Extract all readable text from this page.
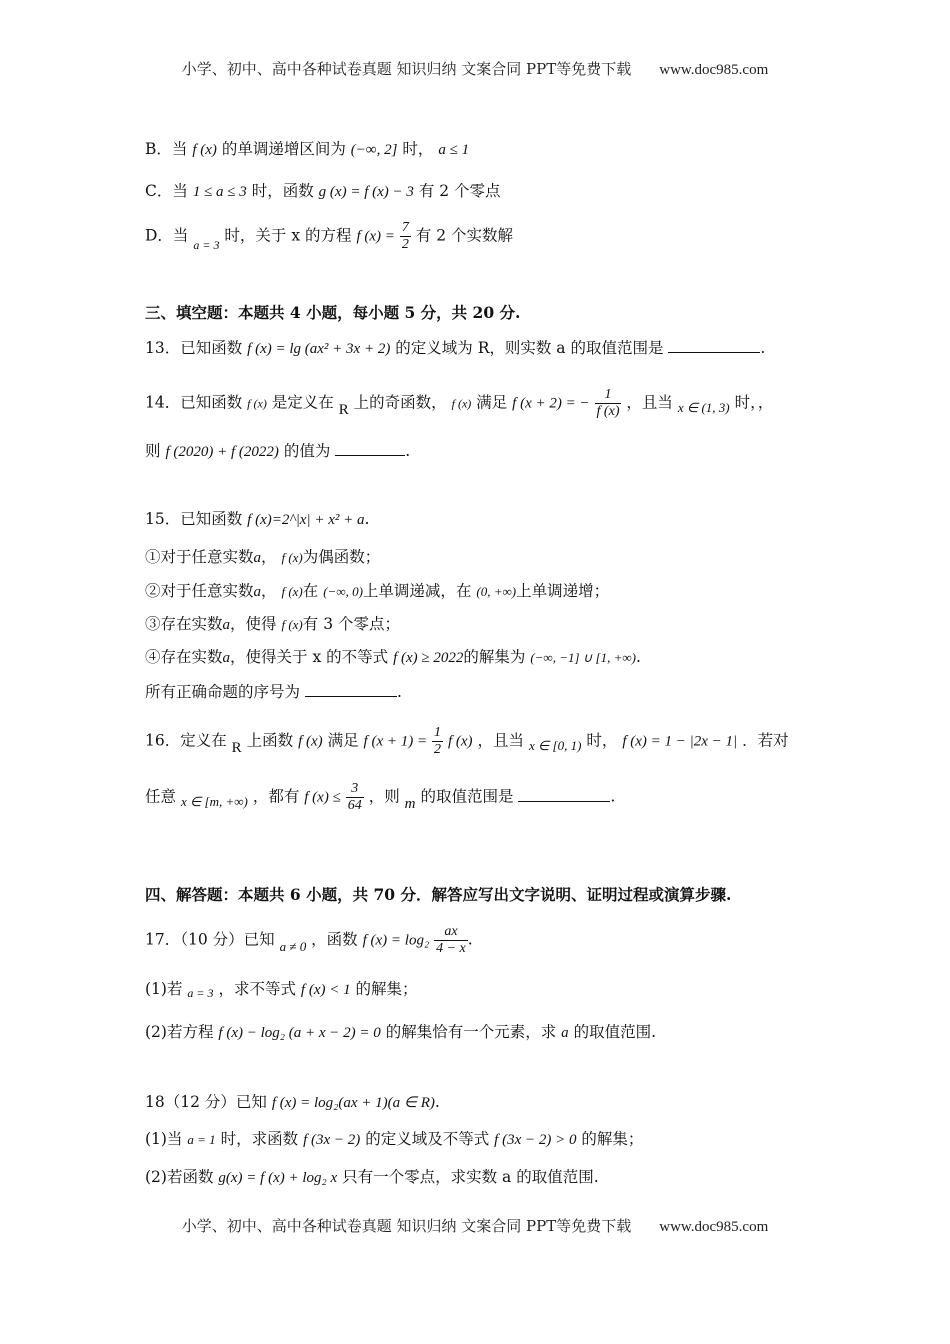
小学、初中、高中各种试卷真题 知识归纳 文案合同 PPT等免费下载 www.doc985.com
B．当 f (x) 的单调递增区间为 (−∞, 2] 时， a ≤ 1
C．当 1 ≤ a ≤ 3 时，函数 g (x) = f (x) − 3 有 2 个零点
D．当 $_{a = 3}$ 时，关于 x 的方程 f $(x) = \frac{7}{2}$ 有 2 个实数解
三、填空题：本题共 4 小题，每小题 5 分，共 20 分.
13．已知函数 f (x) = lg (ax² + 3x + 2) 的定义域为 R，则实数 a 的取值范围是	.
14．已知函数 f (x) 是定义在 R 上的奇函数， f (x) 满足 f (x + 2) = − $\frac{1}{f (x)}$ ，且当 $_{x \in (1, 3)}$ 时，，
则 f (2020) + f (2022) 的值为	.
15．已知函数 f (x)=2^|x| + x² + a.
①对于任意实数a， f (x)为偶函数；
②对于任意实数a， f (x)在 (−∞, 0)上单调递减，在 (0, +∞)上单调递增；
③存在实数a，使得 f (x)有 3 个零点；
④存在实数a，使得关于 x 的不等式 f (x) ≥ 2022的解集为 (−∞, −1] ∪ [1, +∞).
所有正确命题的序号为	.
16．定义在 R 上函数 f (x) 满足 f $(x + 1) = \frac{1}{2}$ f (x) ，且当 $_{x \in [0, 1)}$ 时， f (x) = 1 − |2x − 1| ．若对
任意 $_{x \in [m, +\infty)}$ ，都有 f $(x) \le \frac{3}{64}$ ，则 m 的取值范围是	.
四、解答题：本题共 6 小题，共 70 分．解答应写出文字说明、证明过程或演算步骤.
17．（10 分）已知 $_{a \ne 0}$ ，函数 f $(x) = \log_2 \frac{ax}{4 - x}$ .
(1)若 a = 3 ，求不等式 f (x) < 1 的解集；
(2)若方程 f (x) − log₂ (a + x − 2) = 0 的解集恰有一个元素，求 a 的取值范围.
18（12 分）已知 f (x) = log₂(ax + 1)(a ∈ R).
(1)当 a = 1 时，求函数 f (3x − 2) 的定义域及不等式 f (3x − 2) > 0 的解集；
(2)若函数 g(x) = f (x) + log₂ x 只有一个零点，求实数 a 的取值范围.
小学、初中、高中各种试卷真题 知识归纳 文案合同 PPT等免费下载 www.doc985.com
